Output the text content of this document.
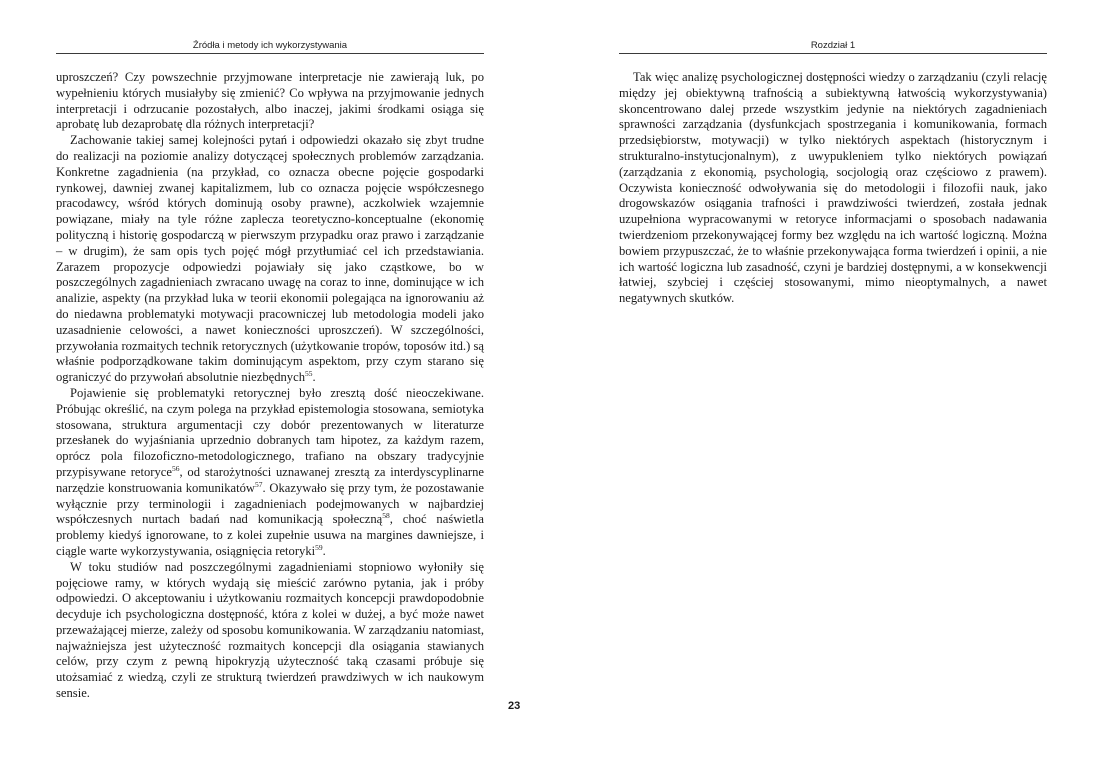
Źródła i metody ich wykorzystywania

uproszczeń? Czy powszechnie przyjmowane interpretacje nie zawierają luk, po wypełnieniu których musiałyby się zmienić? Co wpływa na przyjmowanie jednych interpretacji i odrzucanie pozostałych, albo inaczej, jakimi środkami osiąga się aprobatę lub dezaprobatę dla różnych interpretacji?

Zachowanie takiej samej kolejności pytań i odpowiedzi okazało się zbyt trudne do realizacji na poziomie analizy dotyczącej społecznych problemów zarządzania. Konkretne zagadnienia (na przykład, co oznacza obecne pojęcie gospodarki rynkowej, dawniej zwanej kapitalizmem, lub co oznacza pojęcie współczesnego pracodawcy, wśród których dominują osoby prawne), aczkolwiek wzajemnie powiązane, miały na tyle różne zaplecza teoretyczno-konceptualne (ekonomię polityczną i historię gospodarczą w pierwszym przypadku oraz prawo i zarządzanie – w drugim), że sam opis tych pojęć mógł przytłumiać cel ich przedstawiania. Zarazem propozycje odpowiedzi pojawiały się jako cząstkowe, bo w poszczególnych zagadnieniach zwracano uwagę na coraz to inne, dominujące w ich analizie, aspekty (na przykład luka w teorii ekonomii polegająca na ignorowaniu aż do niedawna problematyki motywacji pracowniczej lub metodologia modeli jako uzasadnienie celowości, a nawet konieczności uproszczeń). W szczególności, przywołania rozmaitych technik retorycznych (użytkowanie tropów, toposów itd.) są właśnie podporządkowane takim dominującym aspektom, przy czym starano się ograniczyć do przywołań absolutnie niezbędnych$^{55}$.

Pojawienie się problematyki retorycznej było zresztą dość nieoczekiwane. Próbując określić, na czym polega na przykład epistemologia stosowana, semiotyka stosowana, struktura argumentacji czy dobór prezentowanych w literaturze przesłanek do wyjaśniania uprzednio dobranych tam hipotez, za każdym razem, oprócz pola filozoficzno-metodologicznego, trafiano na obszary tradycyjnie przypisywane retoryce$^{56}$, od starożytności uznawanej zresztą za interdyscyplinarne narzędzie konstruowania komunikatów$^{57}$. Okazywało się przy tym, że pozostawanie wyłącznie przy terminologii i zagadnieniach podejmowanych w najbardziej współczesnych nurtach badań nad komunikacją społeczną$^{58}$, choć naświetla problemy kiedyś ignorowane, to z kolei zupełnie usuwa na margines dawniejsze, i ciągle warte wykorzystywania, osiągnięcia retoryki$^{59}$.

W toku studiów nad poszczególnymi zagadnieniami stopniowo wyłoniły się pojęciowe ramy, w których wydają się mieścić zarówno pytania, jak i próby odpowiedzi. O akceptowaniu i użytkowaniu rozmaitych koncepcji prawdopodobnie decyduje ich psychologiczna dostępność, która z kolei w dużej, a być może nawet przeważającej mierze, zależy od sposobu komunikowania. W zarządzaniu natomiast, najważniejsza jest użyteczność rozmaitych koncepcji dla osiągania stawianych celów, przy czym z pewną hipokryzją użyteczność taką czasami próbuje się utożsamiać z wiedzą, czyli ze strukturą twierdzeń prawdziwych w ich naukowym sensie.

23
Rozdział 1

Tak więc analizę psychologicznej dostępności wiedzy o zarządzaniu (czyli relację między jej obiektywną trafnością a subiektywną łatwością wykorzystywania) skoncentrowano dalej przede wszystkim jedynie na niektórych zagadnieniach sprawności zarządzania (dysfunkcjach spostrzegania i komunikowania, formach przedsiębiorstw, motywacji) w tylko niektórych aspektach (historycznym i strukturalno-instytucjonalnym), z uwypukleniem tylko niektórych powiązań (zarządzania z ekonomią, psychologią, socjologią oraz częściowo z prawem). Oczywista konieczność odwoływania się do metodologii i filozofii nauk, jako drogowskazów osiągania trafności i prawdziwości twierdzeń, została jednak uzupełniona wypracowanymi w retoryce informacjami o sposobach nadawania twierdzeniom przekonywającej formy bez względu na ich wartość logiczną. Można bowiem przypuszczać, że to właśnie przekonywająca forma twierdzeń i opinii, a nie ich wartość logiczna lub zasadność, czyni je bardziej dostępnymi, a w konsekwencji łatwiej, szybciej i częściej stosowanymi, mimo nieoptymalnych, a nawet negatywnych skutków.
